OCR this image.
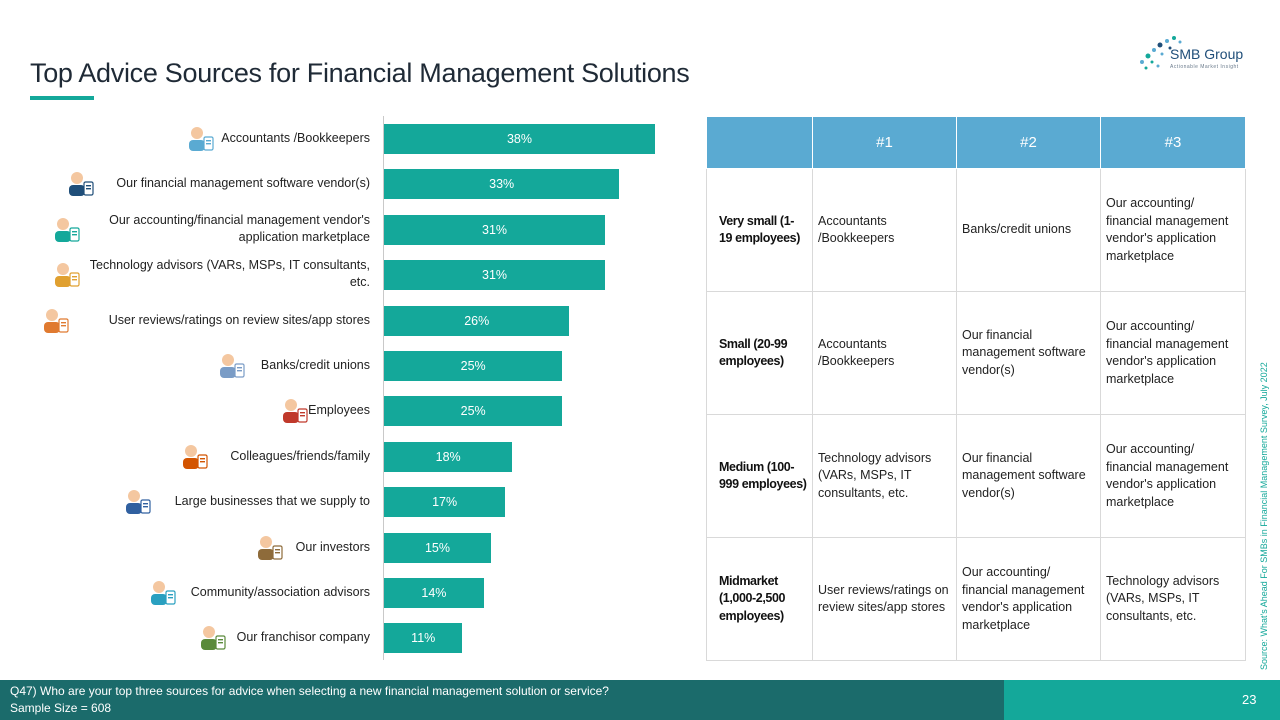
Top Advice Sources for Financial Management Solutions
SMB Group
Actionable Market Insight
38%
Accountants /Bookkeepers
33%
Our financial management software vendor(s)
31%
Our accounting/financial management vendor's application marketplace
31%
Technology advisors (VARs, MSPs, IT consultants, etc.
26%
User reviews/ratings on review sites/app stores
25%
Banks/credit unions
25%
Employees
18%
Colleagues/friends/family
17%
Large businesses that we supply to
15%
Our investors
14%
Community/association advisors
11%
Our franchisor company
	#1	#2	#3
Very small (1-19 employees)	Accountants /Bookkeepers	Banks/credit unions	Our accounting/ financial management vendor's application marketplace
Small (20-99 employees)	Accountants /Bookkeepers	Our financial management software vendor(s)	Our accounting/ financial management vendor's application marketplace
Medium (100-999 employees)	Technology advisors (VARs, MSPs, IT consultants, etc.	Our financial management software vendor(s)	Our accounting/ financial management vendor's application marketplace
Midmarket (1,000-2,500 employees)	User reviews/ratings on review sites/app stores	Our accounting/ financial management vendor's application marketplace	Technology advisors (VARs, MSPs, IT consultants, etc.	Source: What's Ahead For SMBs in Financial Management Survey, July 2022
Q47) Who are your top three sources for advice when selecting a new financial management solution or service?
Sample Size = 608
23
